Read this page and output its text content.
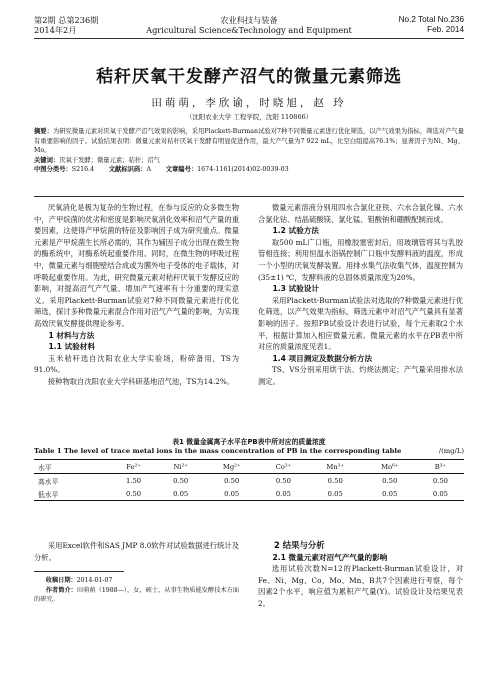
第2期 总第236期
2014年2月
农业科技与装备
Agricultural Science&Technology and Equipment
No.2 Total No.236
Feb. 2014
秸秆厌氧干发酵产沼气的微量元素筛选
田萌萌，李欣谕，时晓旭，赵 玲
（沈阳农业大学 工程学院，沈阳 110866）
摘要：为研究微量元素对厌氧干发酵产沼气效果的影响，采用Plackett-Burman试验对7种不同微量元素进行优化筛选，以产气效果为指标，筛选对产气量有重要影响的因子。试验结果表明：微量元素对秸秆厌氧干发酵有明显促进作用，最大产气量为7 922 mL，比空白组提高76.1%；显著因子为Ni、Mg、Mo。
关键词：厌氧干发酵；微量元素；秸秆；沼气
中图分类号：S216.4   文献标识码：A   文章编号：1674-1161(2014)02-0039-03

厌氧消化是极为复杂的生物过程，在参与反应的众多微生物中，产甲烷菌的优劣和密度是影响厌氧消化效率和沼气产量的重要因素，这使得产甲烷菌的特征及影响因子成为研究重点。微量元素是产甲烷菌生长所必需的，其作为辅因子成分出现在微生物的酶系统中，对酶系统起重要作用。同时，在微生物的呼吸过程中，微量元素与细胞壁结合成或为膜外电子受体的电子载体，对呼吸起重要作用。为此，研究微量元素对秸秆厌氧干发酵反应的影响，对提高沼气产气量、增加产气速率有十分重要的现实意义。采用Plackett-Burman试验对7种不同微量元素进行优化筛选，探讨多种微量元素混合作用对沼气产气量的影响，为实现高效厌氧发酵提供理论参考。

1 材料与方法

1.1 试验材料

玉米秸秆选自沈阳农业大学实验场，粉碎备用，TS为91.0%。

接种物取自沈阳农业大学科研基地沼气池，TS为14.2%。

微量元素溶液分别用四水合氯化亚铁、六水合氯化镍、六水合氯化钴、结晶硫酸镁、氯化锰、钼酸钠和硼酸配制而成。

1.2 试验方法

取500 mL广口瓶，用橡胶塞密封后，用玻璃管将其与乳胶管相连接；利用恒温水浴锅控制广口瓶中发酵料液的温度，形成一个小型的厌氧发酵装置。用排水集气法收集气体，温度控制为(35±1) ℃，发酵料液的总固体质量浓度为20%。

1.3 试验设计

采用Plackett-Burman试验法对选取的7种微量元素进行优化筛选，以产气效果为指标，筛选元素中对沼气产气量具有显著影响的因子。按照PB试验设计表进行试验，每个元素取2个水平，根据计算加入相应微量元素。微量元素的水平在PB表中所对应的质量浓度见表1。

1.4 项目测定及数据分析方法

TS、VS分别采用烘干法、灼烧法测定；产气量采用排水法测定。

表1 微量金属离子水平在PB表中所对应的质量浓度
Table 1 The level of trace metal ions in the mass concentration of PB in the corresponding table	/(mg/L)
水平	Fe²⁺	Ni²⁺	Mg²⁺	Co²⁺	Mn²⁺	Mo⁶⁺	B³⁺
高水平	1.50	0.50	0.50	0.50	0.50	0.50	0.50
低水平	0.50	0.05	0.05	0.05	0.05	0.05	0.05

采用Excel软件和SAS JMP 8.0软件对试验数据进行统计及分析。

收稿日期：2014-01-07

作者简介：田萌萌（1988—），女，硕士，从事生物质能发酵技术方面的研究。

2 结果与分析

2.1 微量元素对沼气产气量的影响

选用试验次数N=12的Plackett-Burman试验设计，对Fe、Ni、Mg、Co、Mo、Mn、B共7个因素进行考察，每个因素2个水平，响应值为累积产气量(Y)。试验设计及结果见表2。
